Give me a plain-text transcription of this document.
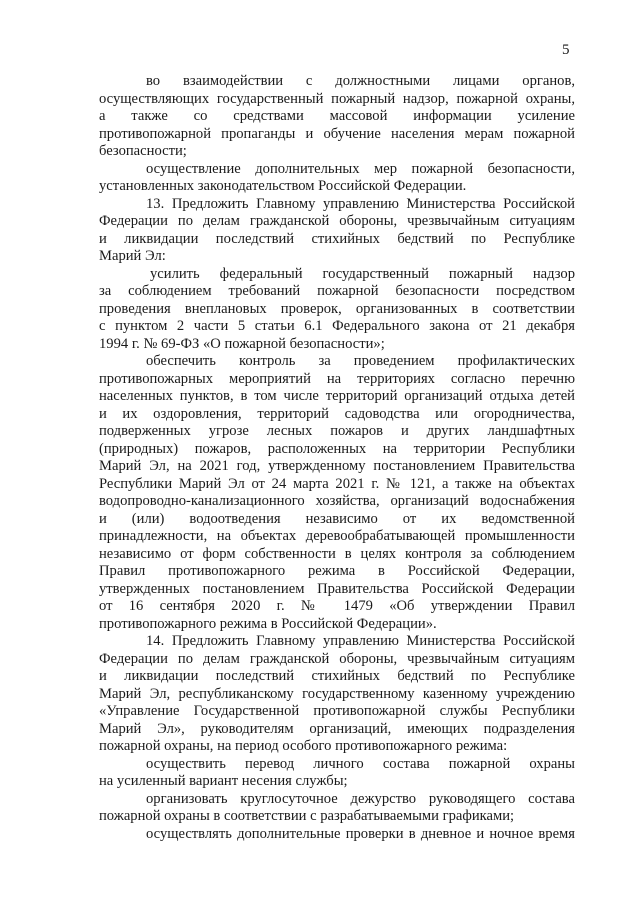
5
во взаимодействии с должностными лицами органов,
осуществляющих государственный пожарный надзор, пожарной охраны,
а также со средствами массовой информации усиление
противопожарной пропаганды и обучение населения мерам пожарной
безопасности;
осуществление дополнительных мер пожарной безопасности,
установленных законодательством Российской Федерации.
13. Предложить Главному управлению Министерства Российской
Федерации по делам гражданской обороны, чрезвычайным ситуациям
и ликвидации последствий стихийных бедствий по Республике
Марий Эл:
усилить федеральный государственный пожарный надзор
за соблюдением требований пожарной безопасности посредством
проведения внеплановых проверок, организованных в соответствии
с пунктом 2 части 5 статьи 6.1 Федерального закона от 21 декабря
1994 г. № 69-ФЗ «О пожарной безопасности»;
обеспечить контроль за проведением профилактических
противопожарных мероприятий на территориях согласно перечню
населенных пунктов, в том числе территорий организаций отдыха детей
и их оздоровления, территорий садоводства или огородничества,
подверженных угрозе лесных пожаров и других ландшафтных
(природных) пожаров, расположенных на территории Республики
Марий Эл, на 2021 год, утвержденному постановлением Правительства
Республики Марий Эл от 24 марта 2021 г. № 121, а также на объектах
водопроводно-канализационного хозяйства, организаций водоснабжения
и (или) водоотведения независимо от их ведомственной
принадлежности, на объектах деревообрабатывающей промышленности
независимо от форм собственности в целях контроля за соблюдением
Правил противопожарного режима в Российской Федерации,
утвержденных постановлением Правительства Российской Федерации
от 16 сентября 2020 г. № 1479 «Об утверждении Правил
противопожарного режима в Российской Федерации».
14. Предложить Главному управлению Министерства Российской
Федерации по делам гражданской обороны, чрезвычайным ситуациям
и ликвидации последствий стихийных бедствий по Республике
Марий Эл, республиканскому государственному казенному учреждению
«Управление Государственной противопожарной службы Республики
Марий Эл», руководителям организаций, имеющих подразделения
пожарной охраны, на период особого противопожарного режима:
осуществить перевод личного состава пожарной охраны
на усиленный вариант несения службы;
организовать круглосуточное дежурство руководящего состава
пожарной охраны в соответствии с разрабатываемыми графиками;
осуществлять дополнительные проверки в дневное и ночное время
